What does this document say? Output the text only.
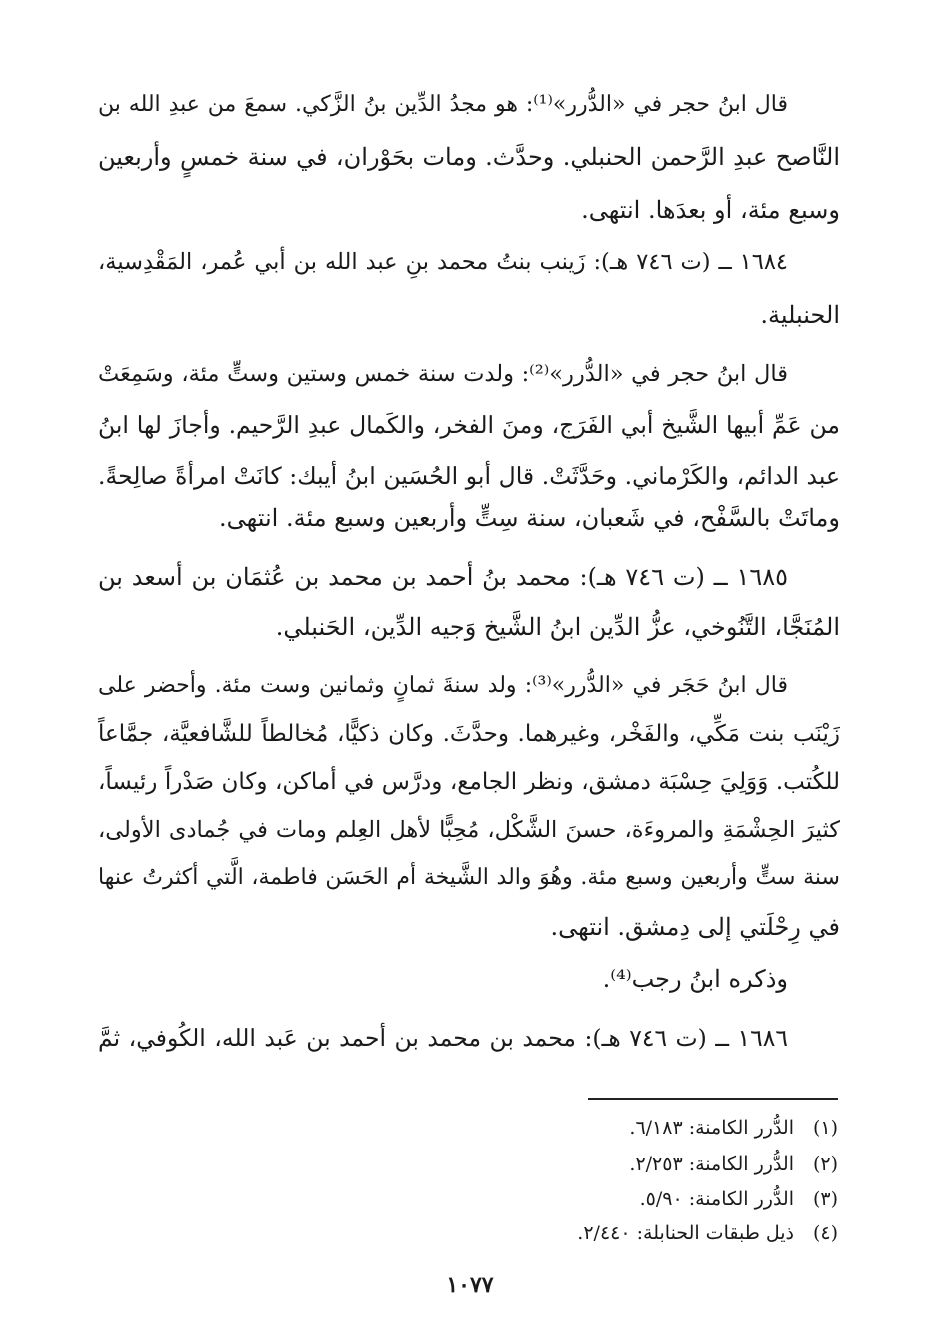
قال ابنُ حجر في «الدُّرر»⁽¹⁾: هو مجدُ الدِّين بنُ الزَّكي. سمعَ من عبدِ الله بن
النَّاصح عبدِ الرَّحمن الحنبلي. وحدَّث. ومات بحَوْران، في سنة خمسٍ وأربعين
وسبع مئة، أو بعدَها. انتهى.
١٦٨٤ ــ (ت ٧٤٦ هـ): زَينب بنتُ محمد بنِ عبد الله بن أبي عُمر، المَقْدِسية،
الحنبلية.
قال ابنُ حجر في «الدُّرر»⁽²⁾: ولدت سنة خمس وستين وستٍّ مئة، وسَمِعَتْ
من عَمِّ أبيها الشَّيخ أبي الفَرَج، ومنَ الفخر، والكَمال عبدِ الرَّحيم. وأجازَ لها ابنُ
عبد الدائم، والكَرْماني. وحَدَّثَتْ. قال أبو الحُسَين ابنُ أيبك: كانَتْ امرأةً صالِحةً.
وماتَتْ بالسَّفْح، في شَعبان، سنة سِتٍّ وأربعين وسبع مئة. انتهى.
١٦٨٥ ــ (ت ٧٤٦ هـ): محمد بنُ أحمد بن محمد بن عُثمَان بن أسعد بن
المُنَجَّا، التَّنُوخي، عزُّ الدِّين ابنُ الشَّيخ وَجيه الدِّين، الحَنبلي.
قال ابنُ حَجَر في «الدُّرر»⁽³⁾: ولد سنةَ ثمانٍ وثمانين وست مئة. وأحضر على
زَيْنَب بنت مَكِّي، والفَخْر، وغيرهما. وحدَّثَ. وكان ذكيًّا، مُخالطاً للشَّافعيَّة، جمَّاعاً
للكُتب. وَوَلِيَ حِسْبَة دمشق، ونظر الجامع، ودرَّس في أماكن، وكان صَدْراً رئيساً،
كثيرَ الحِشْمَةِ والمروءَة، حسنَ الشَّكْل، مُحِبًّا لأهل العِلم ومات في جُمادى الأولى،
سنة ستٍّ وأربعين وسبع مئة. وهُوَ والد الشَّيخة أم الحَسَن فاطمة، الَّتي أكثرتُ عنها
في رِحْلَتي إلى دِمشق. انتهى.
وذكره ابنُ رجب⁽⁴⁾.
١٦٨٦ ــ (ت ٧٤٦ هـ): محمد بن محمد بن أحمد بن عَبد الله، الكُوفي، ثمَّ
(١)الدُّرر الكامنة: ٦/١٨٣.
(٢)الدُّرر الكامنة: ٢/٢٥٣.
(٣)الدُّرر الكامنة: ٥/٩٠.
(٤)ذيل طبقات الحنابلة: ٢/٤٤٠.
١٠٧٧
